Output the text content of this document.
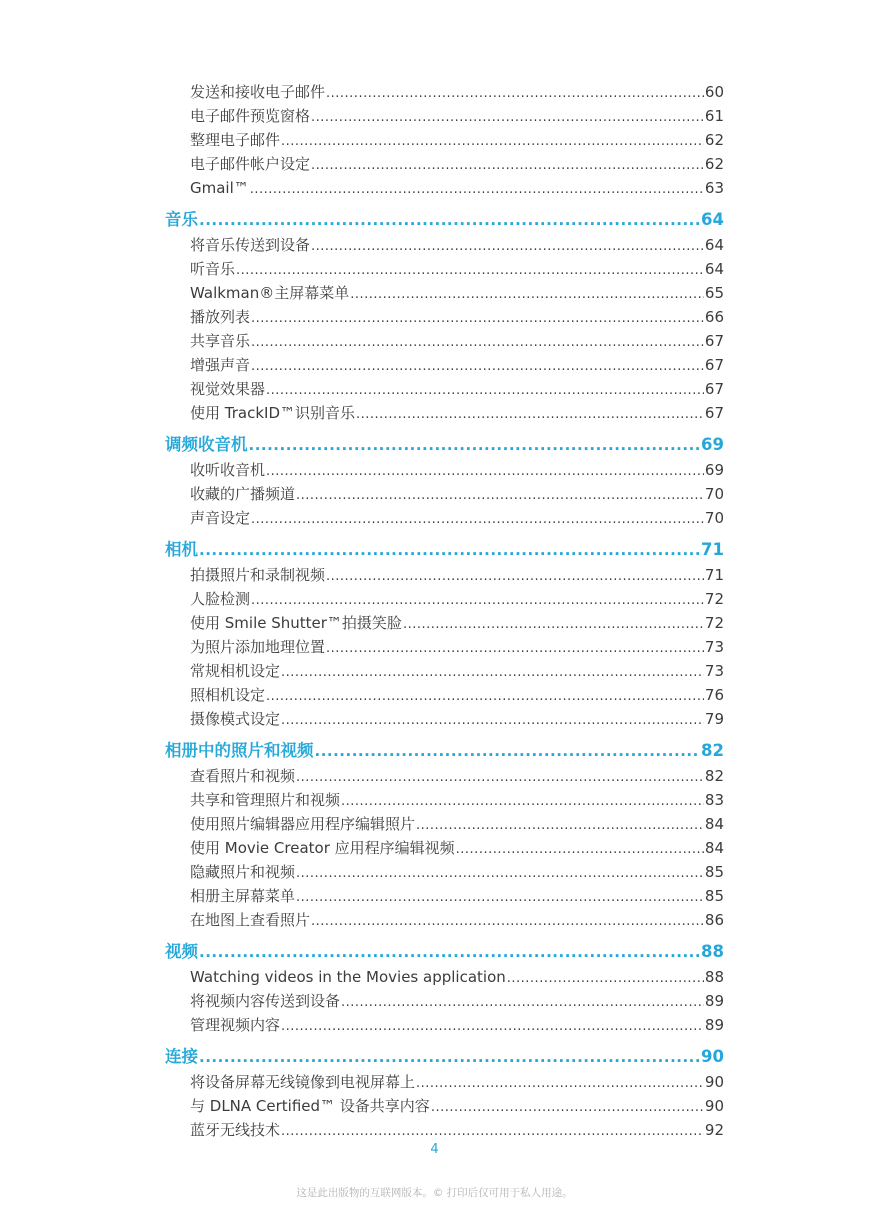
发送和接收电子邮件 .....	60
电子邮件预览窗格 .....	61
整理电子邮件 .....	62
电子邮件帐户设定 .....	62
Gmail™ .....	63
音乐 .....	64
将音乐传送到设备 .....	64
听音乐 .....	64
Walkman®主屏幕菜单 .....	65
播放列表 .....	66
共享音乐 .....	67
增强声音 .....	67
视觉效果器 .....	67
使用 TrackID™识别音乐 .....	67
调频收音机 .....	69
收听收音机 .....	69
收藏的广播频道 .....	70
声音设定 .....	70
相机 .....	71
拍摄照片和录制视频 .....	71
人脸检测 .....	72
使用 Smile Shutter™拍摄笑脸 .....	72
为照片添加地理位置 .....	73
常规相机设定 .....	73
照相机设定 .....	76
摄像模式设定 .....	79
相册中的照片和视频 .....	82
查看照片和视频 .....	82
共享和管理照片和视频 .....	83
使用照片编辑器应用程序编辑照片 .....	84
使用 Movie Creator 应用程序编辑视频 .....	84
隐藏照片和视频 .....	85
相册主屏幕菜单 .....	85
在地图上查看照片 .....	86
视频 .....	88
Watching videos in the Movies application .....	88
将视频内容传送到设备 .....	89
管理视频内容 .....	89
连接 .....	90
将设备屏幕无线镜像到电视屏幕上 .....	90
与 DLNA Certified™ 设备共享内容 .....	90
蓝牙无线技术 .....	92
4
这是此出版物的互联网版本。© 打印后仅可用于私人用途。
